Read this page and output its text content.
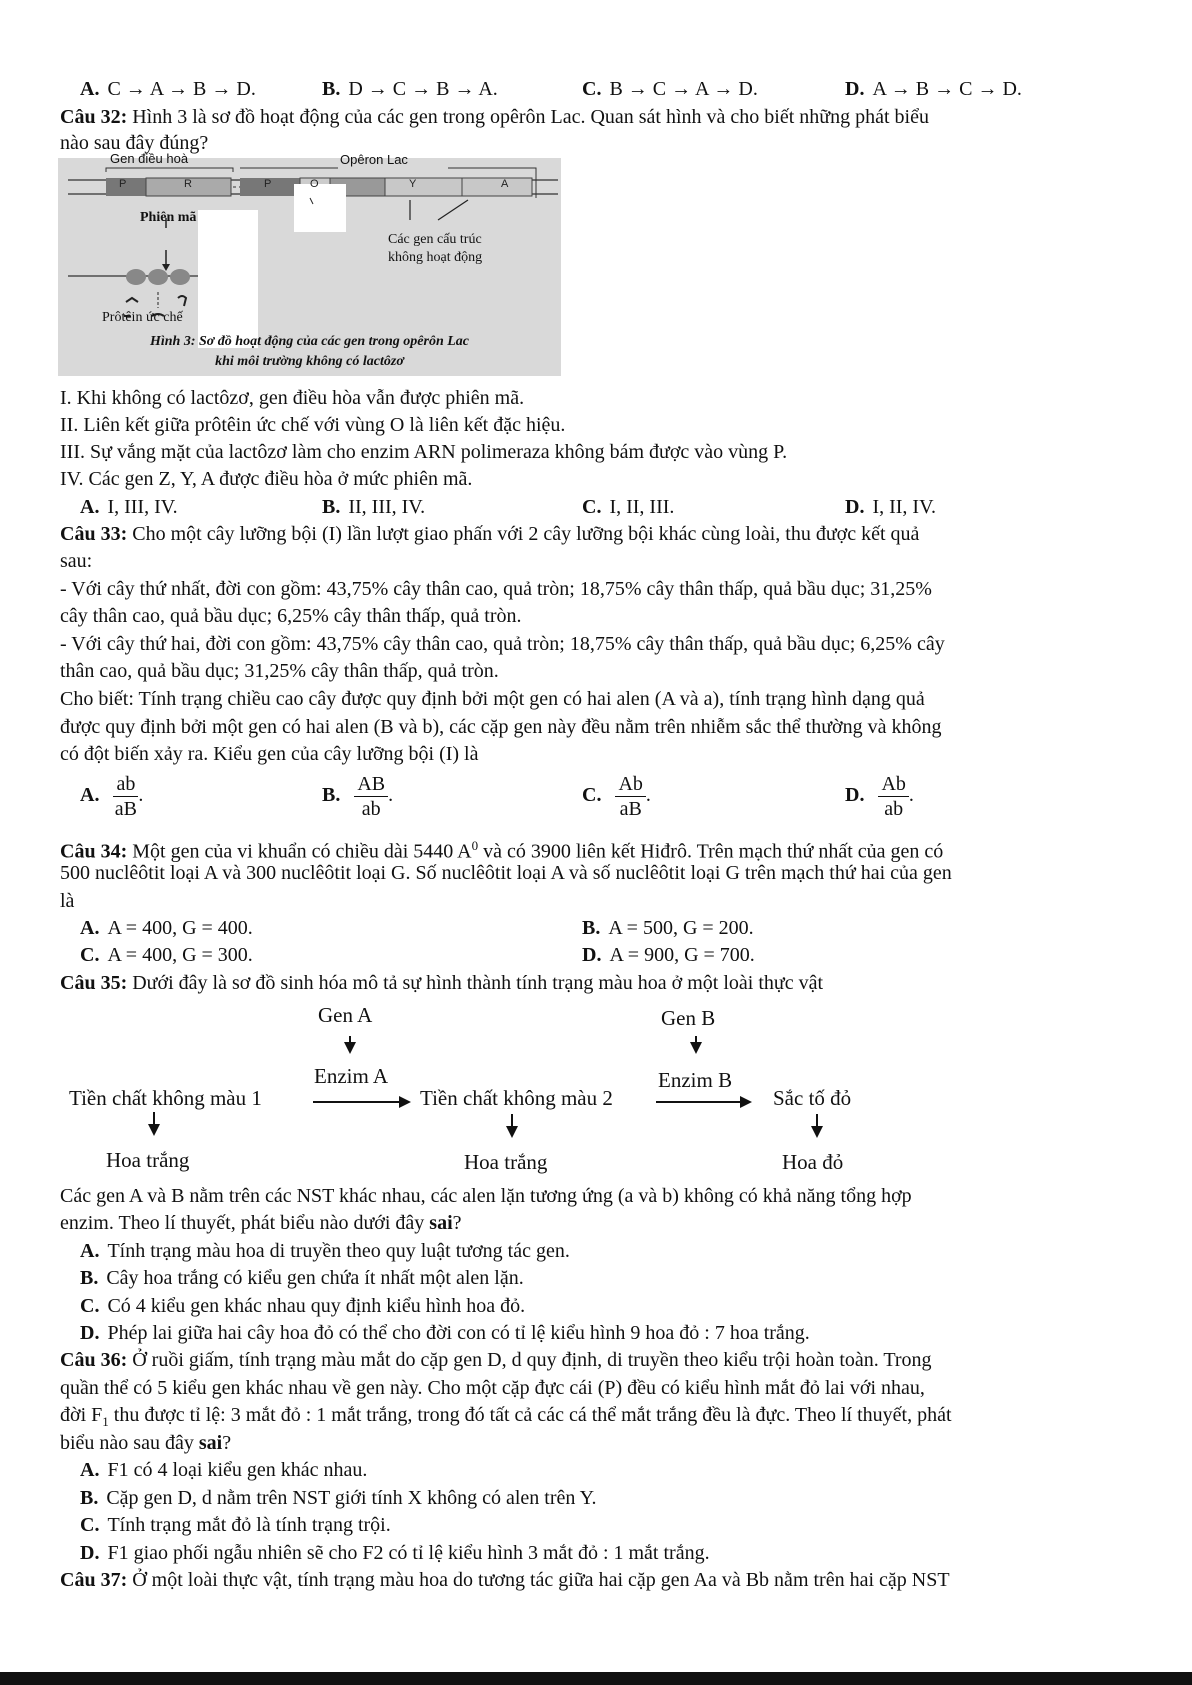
A. C → A → B → D.	B. D → C → B → A.	C. B → C → A → D.	D. A → B → C → D.
Câu 32: Hình 3 là sơ đồ hoạt động của các gen trong opêrôn Lac. Quan sát hình và cho biết những phát biểu
nào sau đây đúng?
Gen điều hoà	Opêron Lac
P	R	P	O	Y	A
Phiên mã
Các gen cấu trúc
không hoạt động
Prôtêin ức chế
Hình 3: Sơ đồ hoạt động của các gen trong opêrôn Lac
khi môi trường không có lactôzơ
I. Khi không có lactôzơ, gen điều hòa vẫn được phiên mã.
II. Liên kết giữa prôtêin ức chế với vùng O là liên kết đặc hiệu.
III. Sự vắng mặt của lactôzơ làm cho enzim ARN polimeraza không bám được vào vùng P.
IV. Các gen Z, Y, A được điều hòa ở mức phiên mã.
A. I, III, IV.	B. II, III, IV.	C. I, II, III.	D. I, II, IV.
Câu 33: Cho một cây lưỡng bội (I) lần lượt giao phấn với 2 cây lưỡng bội khác cùng loài, thu được kết quả
sau:
- Với cây thứ nhất, đời con gồm: 43,75% cây thân cao, quả tròn; 18,75% cây thân thấp, quả bầu dục; 31,25%
cây thân cao, quả bầu dục; 6,25% cây thân thấp, quả tròn.
- Với cây thứ hai, đời con gồm: 43,75% cây thân cao, quả tròn; 18,75% cây thân thấp, quả bầu dục; 6,25% cây
thân cao, quả bầu dục; 31,25% cây thân thấp, quả tròn.
Cho biết: Tính trạng chiều cao cây được quy định bởi một gen có hai alen (A và a), tính trạng hình dạng quả
được quy định bởi một gen có hai alen (B và b), các cặp gen này đều nằm trên nhiễm sắc thể thường và không
có đột biến xảy ra. Kiểu gen của cây lưỡng bội (I) là
A. $\frac{ab}{aB}$ .	B. $\frac{AB}{ab}$ .	C. $\frac{Ab}{aB}$ .	D. $\frac{Ab}{ab}$ .
Câu 34: Một gen của vi khuẩn có chiều dài 5440 $A^0$ và có 3900 liên kết Hiđrô. Trên mạch thứ nhất của gen có
500 nuclêôtit loại A và 300 nuclêôtit loại G. Số nuclêôtit loại A và số nuclêôtit loại G trên mạch thứ hai của gen
là
A. A = 400, G = 400.	B. A = 500, G = 200.
C. A = 400, G = 300.	D. A = 900, G = 700.
Câu 35: Dưới đây là sơ đồ sinh hóa mô tả sự hình thành tính trạng màu hoa ở một loài thực vật
Gen A	Gen B
Enzim A	Enzim B
Tiền chất không màu 1	Tiền chất không màu 2	Sắc tố đỏ
Hoa trắng	Hoa trắng	Hoa đỏ
Các gen A và B nằm trên các NST khác nhau, các alen lặn tương ứng (a và b) không có khả năng tổng hợp
enzim. Theo lí thuyết, phát biểu nào dưới đây sai?
A. Tính trạng màu hoa di truyền theo quy luật tương tác gen.
B. Cây hoa trắng có kiểu gen chứa ít nhất một alen lặn.
C. Có 4 kiểu gen khác nhau quy định kiểu hình hoa đỏ.
D. Phép lai giữa hai cây hoa đỏ có thể cho đời con có tỉ lệ kiểu hình 9 hoa đỏ : 7 hoa trắng.
Câu 36: Ở ruồi giấm, tính trạng màu mắt do cặp gen D, d quy định, di truyền theo kiểu trội hoàn toàn. Trong
quần thể có 5 kiểu gen khác nhau về gen này. Cho một cặp đực cái (P) đều có kiểu hình mắt đỏ lai với nhau,
đời $F_1$ thu được tỉ lệ: 3 mắt đỏ : 1 mắt trắng, trong đó tất cả các cá thể mắt trắng đều là đực. Theo lí thuyết, phát
biểu nào sau đây sai?
A. F1 có 4 loại kiểu gen khác nhau.
B. Cặp gen D, d nằm trên NST giới tính X không có alen trên Y.
C. Tính trạng mắt đỏ là tính trạng trội.
D. F1 giao phối ngẫu nhiên sẽ cho F2 có tỉ lệ kiểu hình 3 mắt đỏ : 1 mắt trắng.
Câu 37: Ở một loài thực vật, tính trạng màu hoa do tương tác giữa hai cặp gen Aa và Bb nằm trên hai cặp NST
